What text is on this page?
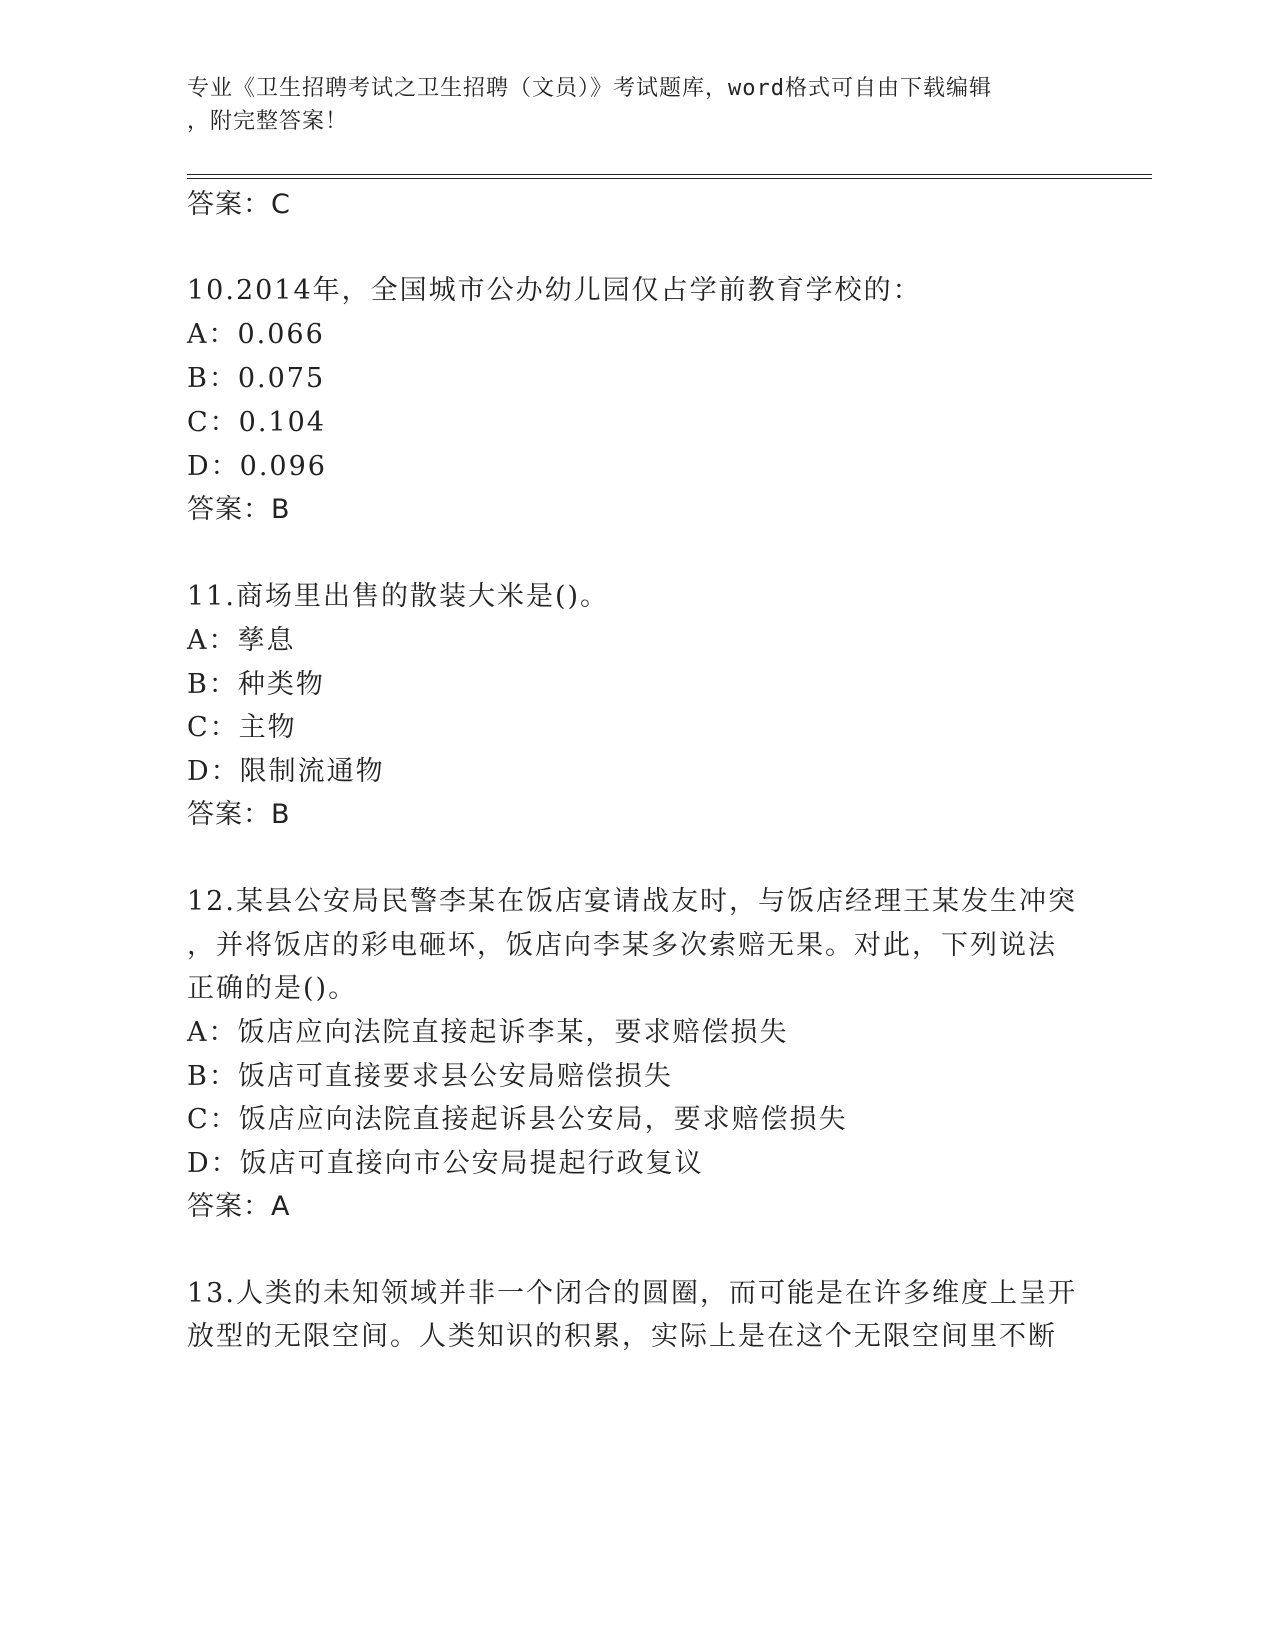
专业《卫生招聘考试之卫生招聘（文员）》考试题库，word格式可自由下载编辑
，附完整答案！
答案：C
10.2014年，全国城市公办幼儿园仅占学前教育学校的：
A：0.066
B：0.075
C：0.104
D：0.096
答案：B
11.商场里出售的散装大米是()。
A：孳息
B：种类物
C：主物
D：限制流通物
答案：B
12.某县公安局民警李某在饭店宴请战友时，与饭店经理王某发生冲突
，并将饭店的彩电砸坏，饭店向李某多次索赔无果。对此，下列说法
正确的是()。
A：饭店应向法院直接起诉李某，要求赔偿损失
B：饭店可直接要求县公安局赔偿损失
C：饭店应向法院直接起诉县公安局，要求赔偿损失
D：饭店可直接向市公安局提起行政复议
答案：A
13.人类的未知领域并非一个闭合的圆圈，而可能是在许多维度上呈开
放型的无限空间。人类知识的积累，实际上是在这个无限空间里不断
